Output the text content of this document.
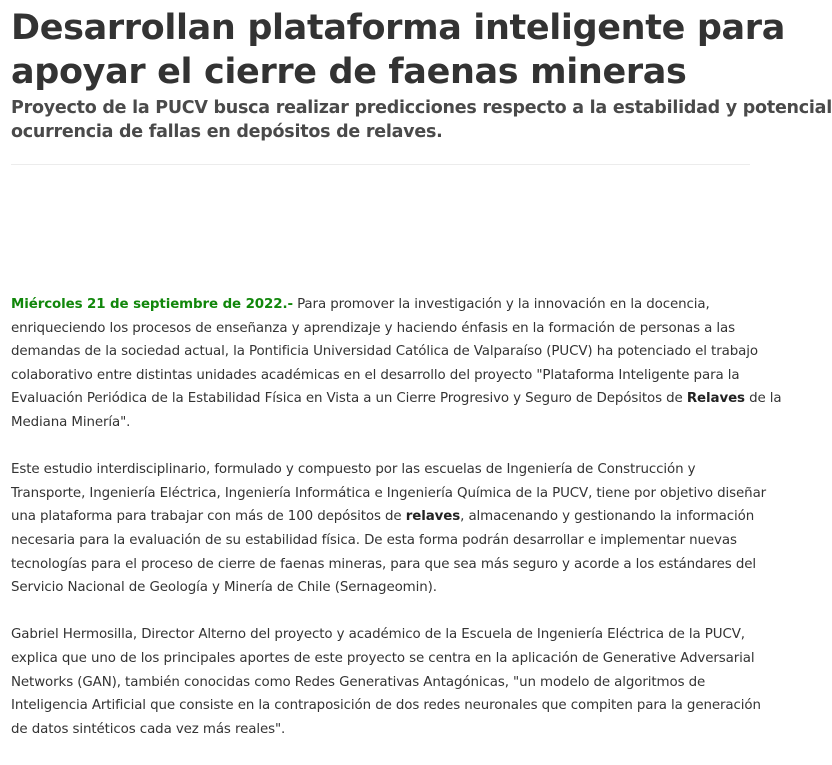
Desarrollan plataforma inteligente para
apoyar el cierre de faenas mineras
Proyecto de la PUCV busca realizar predicciones respecto a la estabilidad y potencial
ocurrencia de fallas en depósitos de relaves.

Miércoles 21 de septiembre de 2022.- Para promover la investigación y la innovación en la docencia,
enriqueciendo los procesos de enseñanza y aprendizaje y haciendo énfasis en la formación de personas a las
demandas de la sociedad actual, la Pontificia Universidad Católica de Valparaíso (PUCV) ha potenciado el trabajo
colaborativo entre distintas unidades académicas en el desarrollo del proyecto "Plataforma Inteligente para la
Evaluación Periódica de la Estabilidad Física en Vista a un Cierre Progresivo y Seguro de Depósitos de Relaves de la
Mediana Minería".

Este estudio interdisciplinario, formulado y compuesto por las escuelas de Ingeniería de Construcción y
Transporte, Ingeniería Eléctrica, Ingeniería Informática e Ingeniería Química de la PUCV, tiene por objetivo diseñar
una plataforma para trabajar con más de 100 depósitos de relaves, almacenando y gestionando la información
necesaria para la evaluación de su estabilidad física. De esta forma podrán desarrollar e implementar nuevas
tecnologías para el proceso de cierre de faenas mineras, para que sea más seguro y acorde a los estándares del
Servicio Nacional de Geología y Minería de Chile (Sernageomin).

Gabriel Hermosilla, Director Alterno del proyecto y académico de la Escuela de Ingeniería Eléctrica de la PUCV,
explica que uno de los principales aportes de este proyecto se centra en la aplicación de Generative Adversarial
Networks (GAN), también conocidas como Redes Generativas Antagónicas, "un modelo de algoritmos de
Inteligencia Artificial que consiste en la contraposición de dos redes neuronales que compiten para la generación
de datos sintéticos cada vez más reales".
